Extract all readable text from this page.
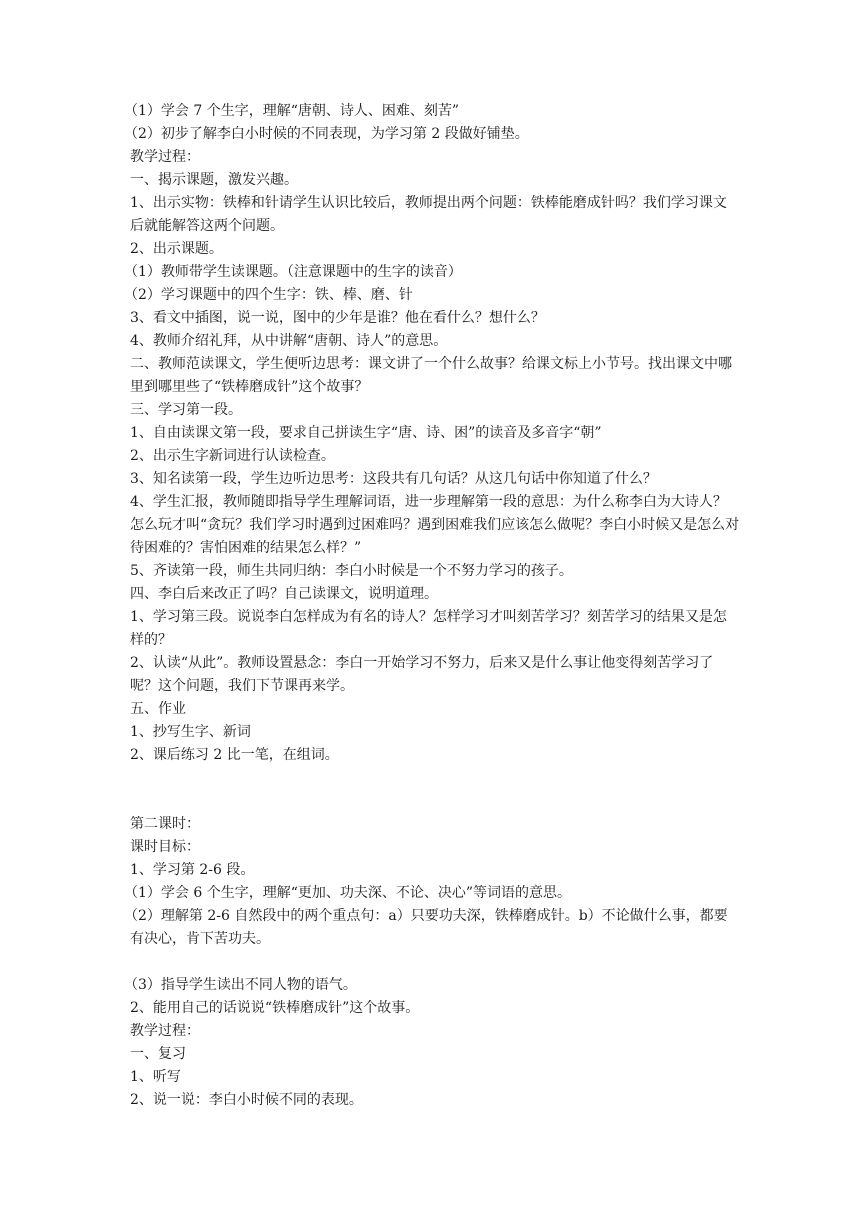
（1）学会 7 个生字，理解“唐朝、诗人、困难、刻苦”

（2）初步了解李白小时候的不同表现，为学习第 2 段做好铺垫。

教学过程：

一、揭示课题，激发兴趣。

1、出示实物：铁棒和针请学生认识比较后，教师提出两个问题：铁棒能磨成针吗？我们学习课文后就能解答这两个问题。

2、出示课题。

（1）教师带学生读课题。（注意课题中的生字的读音）

（2）学习课题中的四个生字：铁、棒、磨、针

3、看文中插图，说一说，图中的少年是谁？他在看什么？想什么？

4、教师介绍礼拜，从中讲解“唐朝、诗人”的意思。

二、教师范读课文，学生便听边思考：课文讲了一个什么故事？给课文标上小节号。找出课文中哪里到哪里些了“铁棒磨成针”这个故事？

三、学习第一段。

1、自由读课文第一段，要求自己拼读生字“唐、诗、困”的读音及多音字“朝”

2、出示生字新词进行认读检查。

3、知名读第一段，学生边听边思考：这段共有几句话？从这几句话中你知道了什么？

4、学生汇报，教师随即指导学生理解词语，进一步理解第一段的意思：为什么称李白为大诗人？怎么玩才叫“贪玩？我们学习时遇到过困难吗？遇到困难我们应该怎么做呢？李白小时候又是怎么对待困难的？害怕困难的结果怎么样？”

5、齐读第一段，师生共同归纳：李白小时候是一个不努力学习的孩子。

四、李白后来改正了吗？自己读课文，说明道理。

1、学习第三段。说说李白怎样成为有名的诗人？怎样学习才叫刻苦学习？刻苦学习的结果又是怎样的？

2、认读“从此”。教师设置悬念：李白一开始学习不努力，后来又是什么事让他变得刻苦学习了呢？这个问题，我们下节课再来学。

五、作业

1、抄写生字、新词

2、课后练习 2 比一笔，在组词。

第二课时：

课时目标：

1、学习第 2-6 段。

（1）学会 6 个生字，理解“更加、功夫深、不论、决心”等词语的意思。

（2）理解第 2-6 自然段中的两个重点句：a）只要功夫深，铁棒磨成针。b）不论做什么事，都要有决心，肯下苦功夫。

（3）指导学生读出不同人物的语气。

2、能用自己的话说说“铁棒磨成针”这个故事。

教学过程：

一、复习

1、听写

2、说一说：李白小时候不同的表现。
